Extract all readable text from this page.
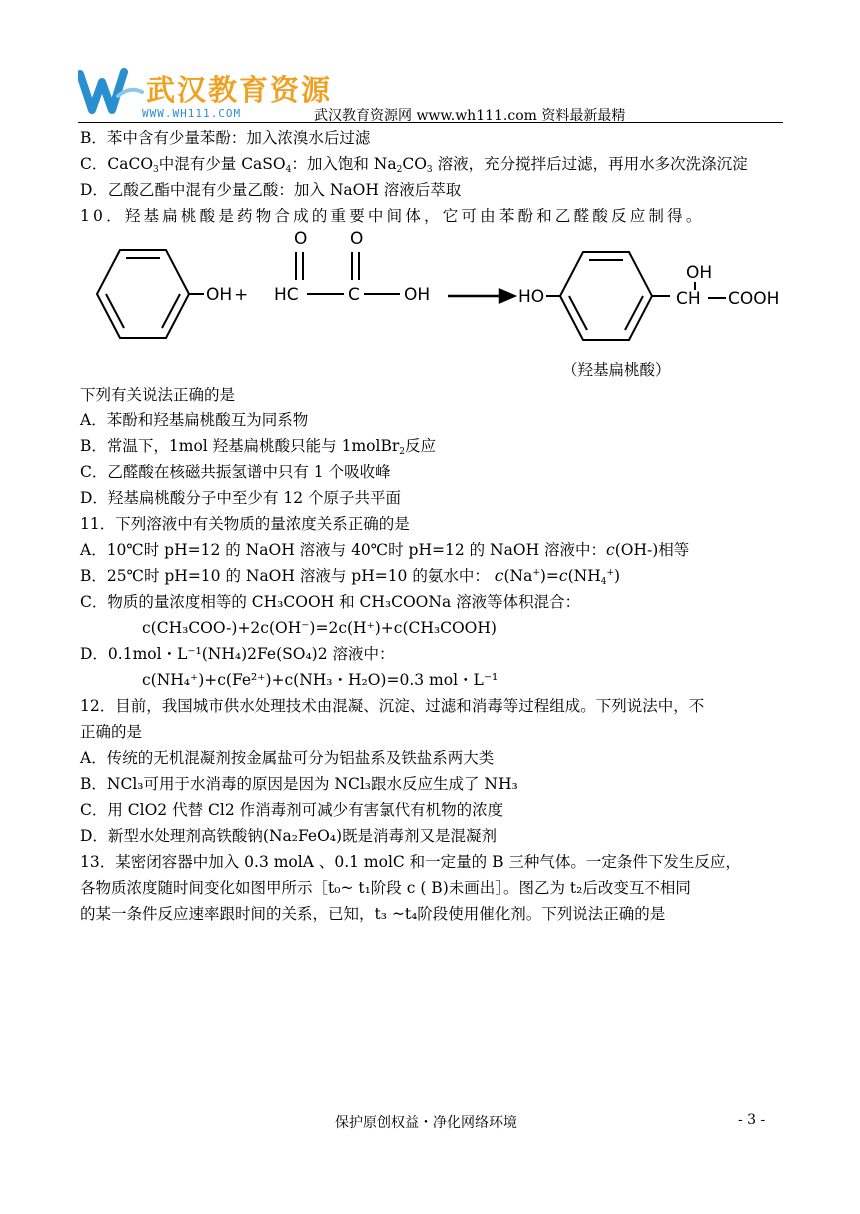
武汉教育资源
WWW.WH111.COM	武汉教育资源网 www.wh111.com 资料最新最精
B．苯中含有少量苯酚：加入浓溴水后过滤
C．CaCO$_3$中混有少量 CaSO$_4$：加入饱和 $Na_2CO_3$ 溶液，充分搅拌后过滤，再用水多次洗涤沉淀
D．乙酸乙酯中混有少量乙酸：加入 NaOH 溶液后萃取
10．羟基扁桃酸是药物合成的重要中间体，它可由苯酚和乙醛酸反应制得。
OH + HC
O	O
C	OH	HO
OH
CH COOH
（羟基扁桃酸）
下列有关说法正确的是
A．苯酚和羟基扁桃酸互为同系物
B．常温下，1mol 羟基扁桃酸只能与 1molBr$_2$反应
C．乙醛酸在核磁共振氢谱中只有 1 个吸收峰
D．羟基扁桃酸分子中至少有 12 个原子共平面
11．下列溶液中有关物质的量浓度关系正确的是
A．10℃时 pH=12 的 NaOH 溶液与 40℃时 pH=12 的 NaOH 溶液中：c(OH-)相等
B．25℃时 pH=10 的 NaOH 溶液与 pH=10 的氨水中： $c(Na^+)=c(NH_4^+)$
C．物质的量浓度相等的 CH₃COOH 和 CH₃COONa 溶液等体积混合：
c(CH₃COO-)+2c(OH⁻)=2c(H⁺)+c(CH₃COOH)
D．0.1mol・L⁻¹(NH₄)2Fe(SO₄)2 溶液中：
c(NH₄⁺)+c(Fe²⁺)+c(NH₃・H₂O)=0.3 mol・L⁻¹
12．目前，我国城市供水处理技术由混凝、沉淀、过滤和消毒等过程组成。下列说法中，不
正确的是
A．传统的无机混凝剂按金属盐可分为铝盐系及铁盐系两大类
B．NCl₃可用于水消毒的原因是因为 NCl₃跟水反应生成了 NH₃
C．用 ClO2 代替 Cl2 作消毒剂可减少有害氯代有机物的浓度
D．新型水处理剂高铁酸钠(Na₂FeO₄)既是消毒剂又是混凝剂
13．某密闭容器中加入 0.3 molA 、0.1 molC 和一定量的 B 三种气体。一定条件下发生反应，
各物质浓度随时间变化如图甲所示［t₀~ t₁阶段 c ( B)未画出］。图乙为 t₂后改变互不相同
的某一条件反应速率跟时间的关系，已知，t₃ ~t₄阶段使用催化剂。下列说法正确的是
保护原创权益・净化网络环境	- 3 -
